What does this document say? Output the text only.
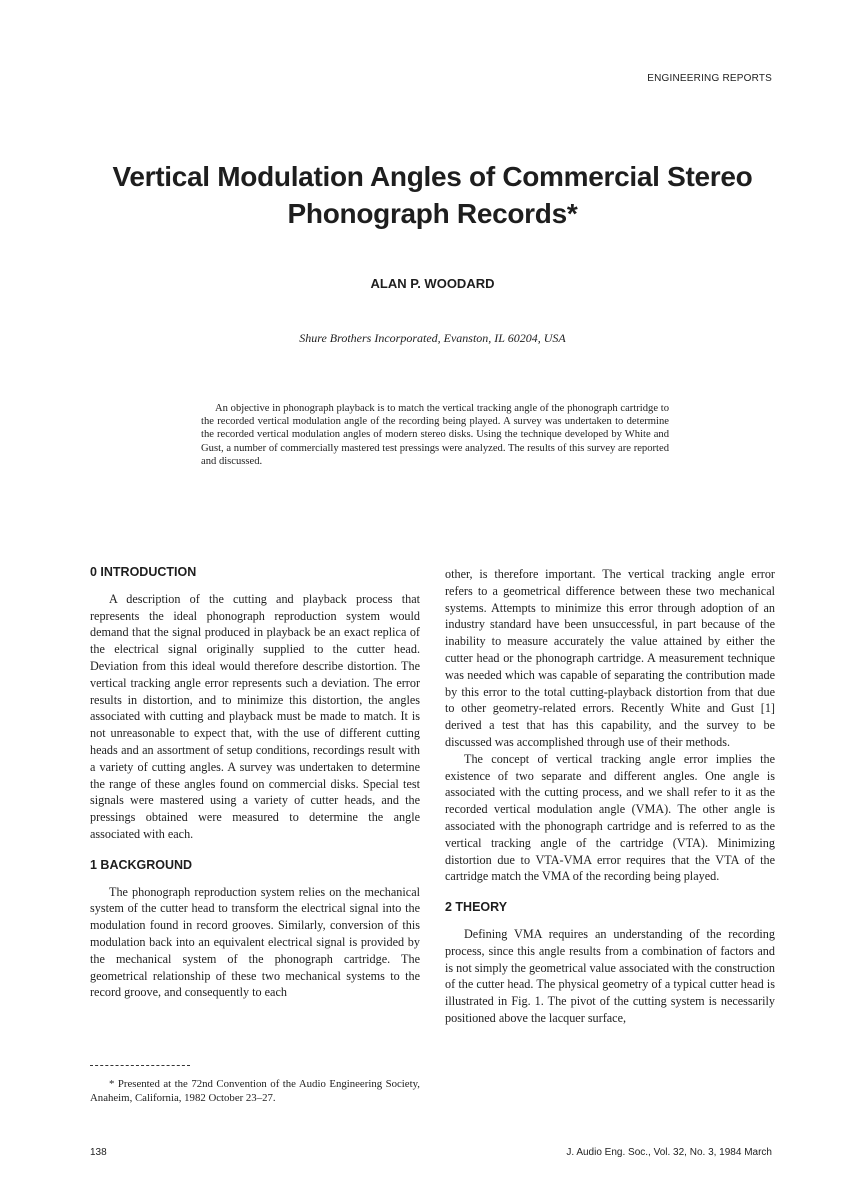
ENGINEERING REPORTS
Vertical Modulation Angles of Commercial Stereo Phonograph Records*
ALAN P. WOODARD
Shure Brothers Incorporated, Evanston, IL 60204, USA

An objective in phonograph playback is to match the vertical tracking angle of the phonograph cartridge to the recorded vertical modulation angle of the recording being played. A survey was undertaken to determine the recorded vertical modulation angles of modern stereo disks. Using the technique developed by White and Gust, a number of commercially mastered test pressings were analyzed. The results of this survey are reported and discussed.

0 INTRODUCTION

A description of the cutting and playback process that represents the ideal phonograph reproduction system would demand that the signal produced in playback be an exact replica of the electrical signal originally supplied to the cutter head. Deviation from this ideal would therefore describe distortion. The vertical tracking angle error represents such a deviation. The error results in distortion, and to minimize this distortion, the angles associated with cutting and playback must be made to match. It is not unreasonable to expect that, with the use of different cutting heads and an assortment of setup conditions, recordings result with a variety of cutting angles. A survey was undertaken to determine the range of these angles found on commercial disks. Special test signals were mastered using a variety of cutter heads, and the pressings obtained were measured to determine the angle associated with each.

1 BACKGROUND

The phonograph reproduction system relies on the mechanical system of the cutter head to transform the electrical signal into the modulation found in record grooves. Similarly, conversion of this modulation back into an equivalent electrical signal is provided by the mechanical system of the phonograph cartridge. The geometrical relationship of these two mechanical systems to the record groove, and consequently to each

other, is therefore important. The vertical tracking angle error refers to a geometrical difference between these two mechanical systems. Attempts to minimize this error through adoption of an industry standard have been unsuccessful, in part because of the inability to measure accurately the value attained by either the cutter head or the phonograph cartridge. A measurement technique was needed which was capable of separating the contribution made by this error to the total cutting-playback distortion from that due to other geometry-related errors. Recently White and Gust [1] derived a test that has this capability, and the survey to be discussed was accomplished through use of their methods.

The concept of vertical tracking angle error implies the existence of two separate and different angles. One angle is associated with the cutting process, and we shall refer to it as the recorded vertical modulation angle (VMA). The other angle is associated with the phonograph cartridge and is referred to as the vertical tracking angle of the cartridge (VTA). Minimizing distortion due to VTA-VMA error requires that the VTA of the cartridge match the VMA of the recording being played.

2 THEORY

Defining VMA requires an understanding of the recording process, since this angle results from a combination of factors and is not simply the geometrical value associated with the construction of the cutter head. The physical geometry of a typical cutter head is illustrated in Fig. 1. The pivot of the cutting system is necessarily positioned above the lacquer surface,

* Presented at the 72nd Convention of the Audio Engineering Society, Anaheim, California, 1982 October 23–27.

138	J. Audio Eng. Soc., Vol. 32, No. 3, 1984 March
